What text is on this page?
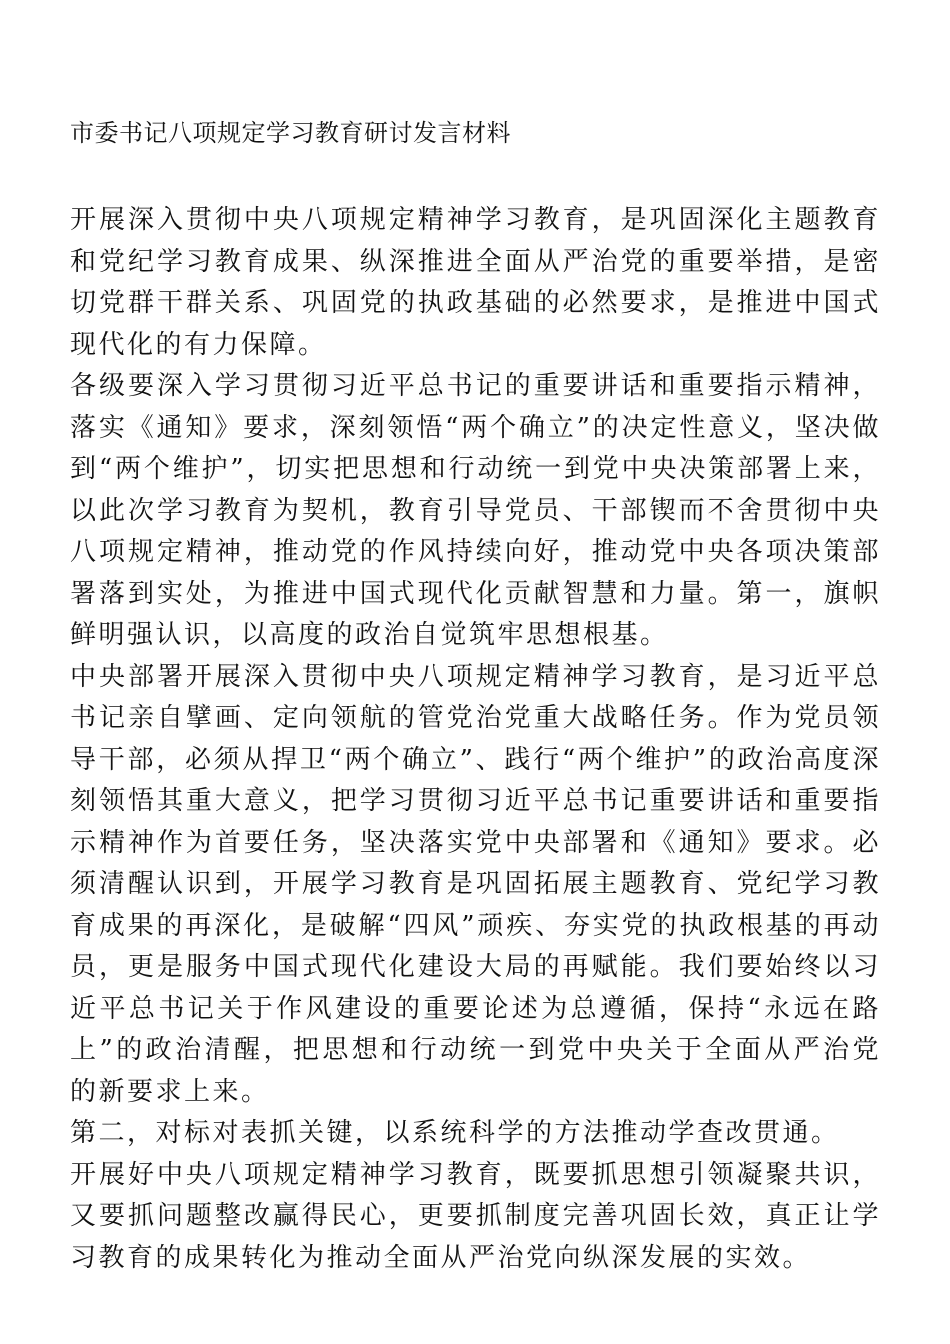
市委书记八项规定学习教育研讨发言材料

开展深入贯彻中央八项规定精神学习教育，是巩固深化主题教育和党纪学习教育成果、纵深推进全面从严治党的重要举措，是密切党群干群关系、巩固党的执政基础的必然要求，是推进中国式现代化的有力保障。

各级要深入学习贯彻习近平总书记的重要讲话和重要指示精神，落实《通知》要求，深刻领悟“两个确立”的决定性意义，坚决做到“两个维护”，切实把思想和行动统一到党中央决策部署上来，以此次学习教育为契机，教育引导党员、干部锲而不舍贯彻中央八项规定精神，推动党的作风持续向好，推动党中央各项决策部署落到实处，为推进中国式现代化贡献智慧和力量。第一，旗帜鲜明强认识，以高度的政治自觉筑牢思想根基。

中央部署开展深入贯彻中央八项规定精神学习教育，是习近平总书记亲自擘画、定向领航的管党治党重大战略任务。作为党员领导干部，必须从捍卫“两个确立”、践行“两个维护”的政治高度深刻领悟其重大意义，把学习贯彻习近平总书记重要讲话和重要指示精神作为首要任务，坚决落实党中央部署和《通知》要求。必须清醒认识到，开展学习教育是巩固拓展主题教育、党纪学习教育成果的再深化，是破解“四风”顽疾、夯实党的执政根基的再动员，更是服务中国式现代化建设大局的再赋能。我们要始终以习近平总书记关于作风建设的重要论述为总遵循，保持“永远在路上”的政治清醒，把思想和行动统一到党中央关于全面从严治党的新要求上来。

第二，对标对表抓关键，以系统科学的方法推动学查改贯通。

开展好中央八项规定精神学习教育，既要抓思想引领凝聚共识，又要抓问题整改赢得民心，更要抓制度完善巩固长效，真正让学习教育的成果转化为推动全面从严治党向纵深发展的实效。
